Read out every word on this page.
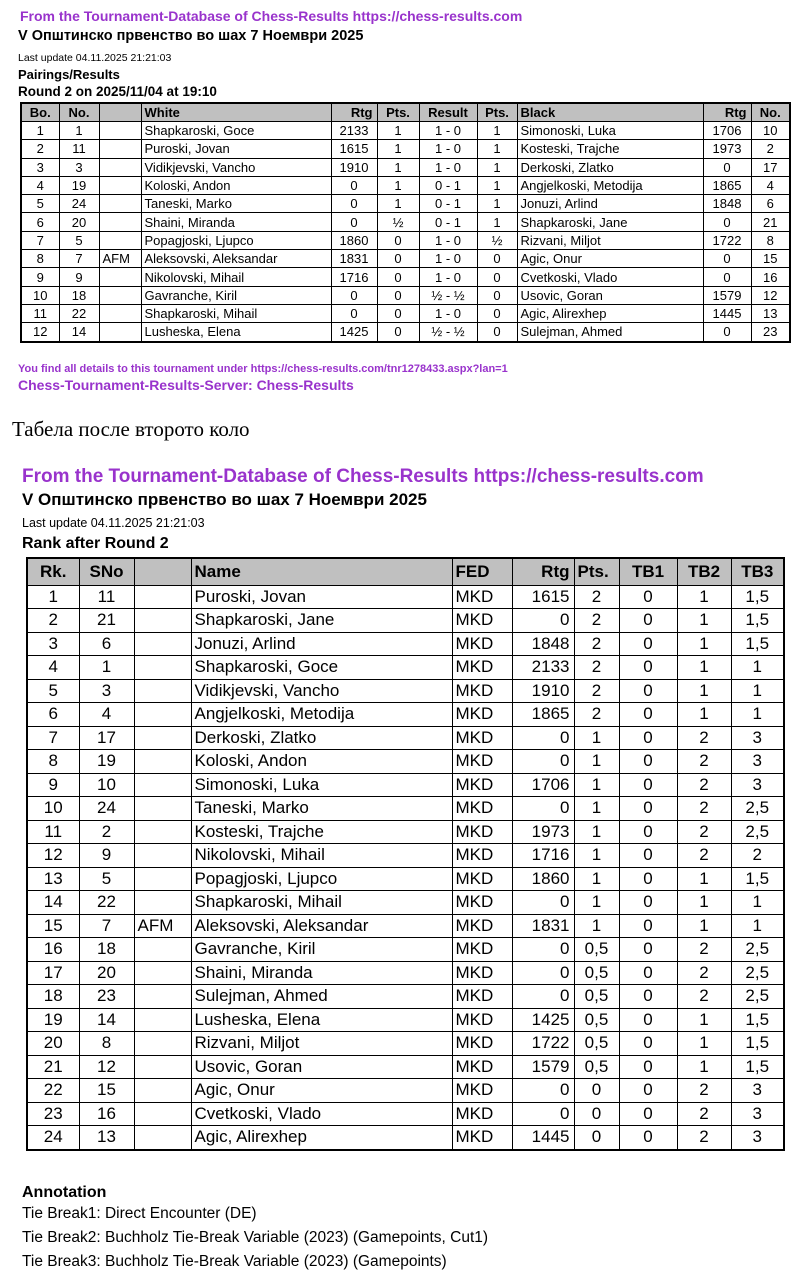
From the Tournament-Database of Chess-Results https://chess-results.com
V Општинско првенство во шах 7 Ноември 2025
Last update 04.11.2025 21:21:03
Pairings/Results
Round 2 on 2025/11/04 at 19:10
Bo.	No.		White	Rtg	Pts.	Result	Pts.	Black	Rtg	No.
1	1		Shapkaroski, Goce	2133	1	1 - 0	1	Simonoski, Luka	1706	10
2	11		Puroski, Jovan	1615	1	1 - 0	1	Kosteski, Trajche	1973	2
3	3		Vidikjevski, Vancho	1910	1	1 - 0	1	Derkoski, Zlatko	0	17
4	19		Koloski, Andon	0	1	0 - 1	1	Angjelkoski, Metodija	1865	4
5	24		Taneski, Marko	0	1	0 - 1	1	Jonuzi, Arlind	1848	6
6	20		Shaini, Miranda	0	½	0 - 1	1	Shapkaroski, Jane	0	21
7	5		Popagjoski, Ljupco	1860	0	1 - 0	½	Rizvani, Miljot	1722	8
8	7	AFM	Aleksovski, Aleksandar	1831	0	1 - 0	0	Agic, Onur	0	15
9	9		Nikolovski, Mihail	1716	0	1 - 0	0	Cvetkoski, Vlado	0	16
10	18		Gavranche, Kiril	0	0	½ - ½	0	Usovic, Goran	1579	12
11	22		Shapkaroski, Mihail	0	0	1 - 0	0	Agic, Alirexhep	1445	13
12	14		Lusheska, Elena	1425	0	½ - ½	0	Sulejman, Ahmed	0	23
You find all details to this tournament under https://chess-results.com/tnr1278433.aspx?lan=1
Chess-Tournament-Results-Server: Chess-Results
Табела после второто коло
From the Tournament-Database of Chess-Results https://chess-results.com
V Општинско првенство во шах 7 Ноември 2025
Last update 04.11.2025 21:21:03
Rank after Round 2
Rk.	SNo		Name	FED	Rtg	Pts.	TB1	TB2	TB3
1	11		Puroski, Jovan	MKD	1615	2	0	1	1,5
2	21		Shapkaroski, Jane	MKD	0	2	0	1	1,5
3	6		Jonuzi, Arlind	MKD	1848	2	0	1	1,5
4	1		Shapkaroski, Goce	MKD	2133	2	0	1	1
5	3		Vidikjevski, Vancho	MKD	1910	2	0	1	1
6	4		Angjelkoski, Metodija	MKD	1865	2	0	1	1
7	17		Derkoski, Zlatko	MKD	0	1	0	2	3
8	19		Koloski, Andon	MKD	0	1	0	2	3
9	10		Simonoski, Luka	MKD	1706	1	0	2	3
10	24		Taneski, Marko	MKD	0	1	0	2	2,5
11	2		Kosteski, Trajche	MKD	1973	1	0	2	2,5
12	9		Nikolovski, Mihail	MKD	1716	1	0	2	2
13	5		Popagjoski, Ljupco	MKD	1860	1	0	1	1,5
14	22		Shapkaroski, Mihail	MKD	0	1	0	1	1
15	7	AFM	Aleksovski, Aleksandar	MKD	1831	1	0	1	1
16	18		Gavranche, Kiril	MKD	0	0,5	0	2	2,5
17	20		Shaini, Miranda	MKD	0	0,5	0	2	2,5
18	23		Sulejman, Ahmed	MKD	0	0,5	0	2	2,5
19	14		Lusheska, Elena	MKD	1425	0,5	0	1	1,5
20	8		Rizvani, Miljot	MKD	1722	0,5	0	1	1,5
21	12		Usovic, Goran	MKD	1579	0,5	0	1	1,5
22	15		Agic, Onur	MKD	0	0	0	2	3
23	16		Cvetkoski, Vlado	MKD	0	0	0	2	3
24	13		Agic, Alirexhep	MKD	1445	0	0	2	3
Annotation
Tie Break1: Direct Encounter (DE)
Tie Break2: Buchholz Tie-Break Variable (2023) (Gamepoints, Cut1)
Tie Break3: Buchholz Tie-Break Variable (2023) (Gamepoints)
